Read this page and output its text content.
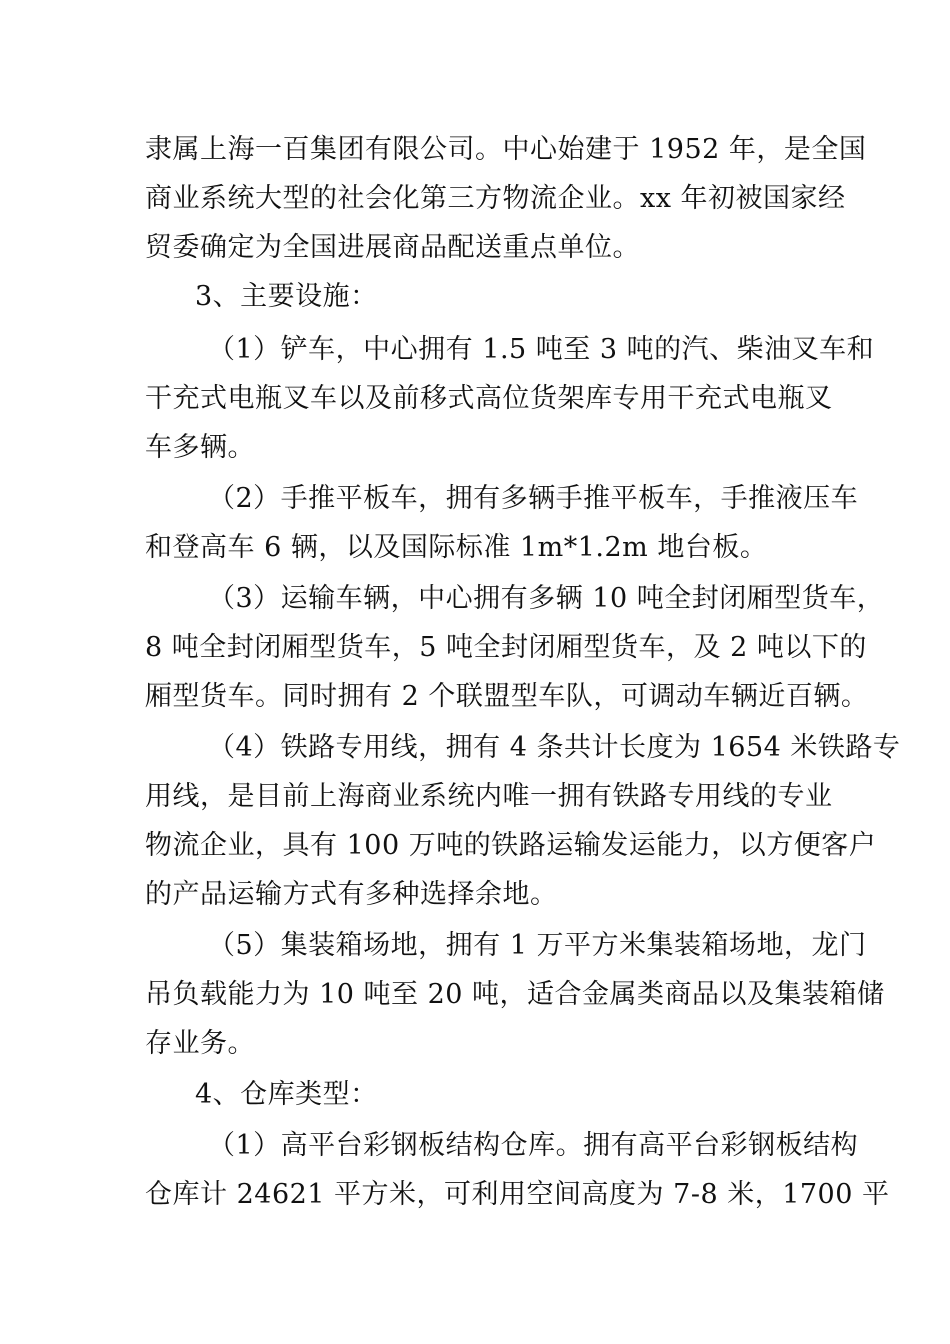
隶属上海一百集团有限公司。中心始建于 1952 年，是全国
商业系统大型的社会化第三方物流企业。xx 年初被国家经
贸委确定为全国进展商品配送重点单位。
3、主要设施：
（1）铲车，中心拥有 1.5 吨至 3 吨的汽、柴油叉车和
干充式电瓶叉车以及前移式高位货架库专用干充式电瓶叉
车多辆。
（2）手推平板车，拥有多辆手推平板车，手推液压车
和登高车 6 辆，以及国际标准 1m*1.2m 地台板。
（3）运输车辆，中心拥有多辆 10 吨全封闭厢型货车，
8 吨全封闭厢型货车，5 吨全封闭厢型货车，及 2 吨以下的
厢型货车。同时拥有 2 个联盟型车队，可调动车辆近百辆。
（4）铁路专用线，拥有 4 条共计长度为 1654 米铁路专
用线，是目前上海商业系统内唯一拥有铁路专用线的专业
物流企业，具有 100 万吨的铁路运输发运能力，以方便客户
的产品运输方式有多种选择余地。
（5）集装箱场地，拥有 1 万平方米集装箱场地，龙门
吊负载能力为 10 吨至 20 吨，适合金属类商品以及集装箱储
存业务。
4、仓库类型：
（1）高平台彩钢板结构仓库。拥有高平台彩钢板结构
仓库计 24621 平方米，可利用空间高度为 7-8 米，1700 平
